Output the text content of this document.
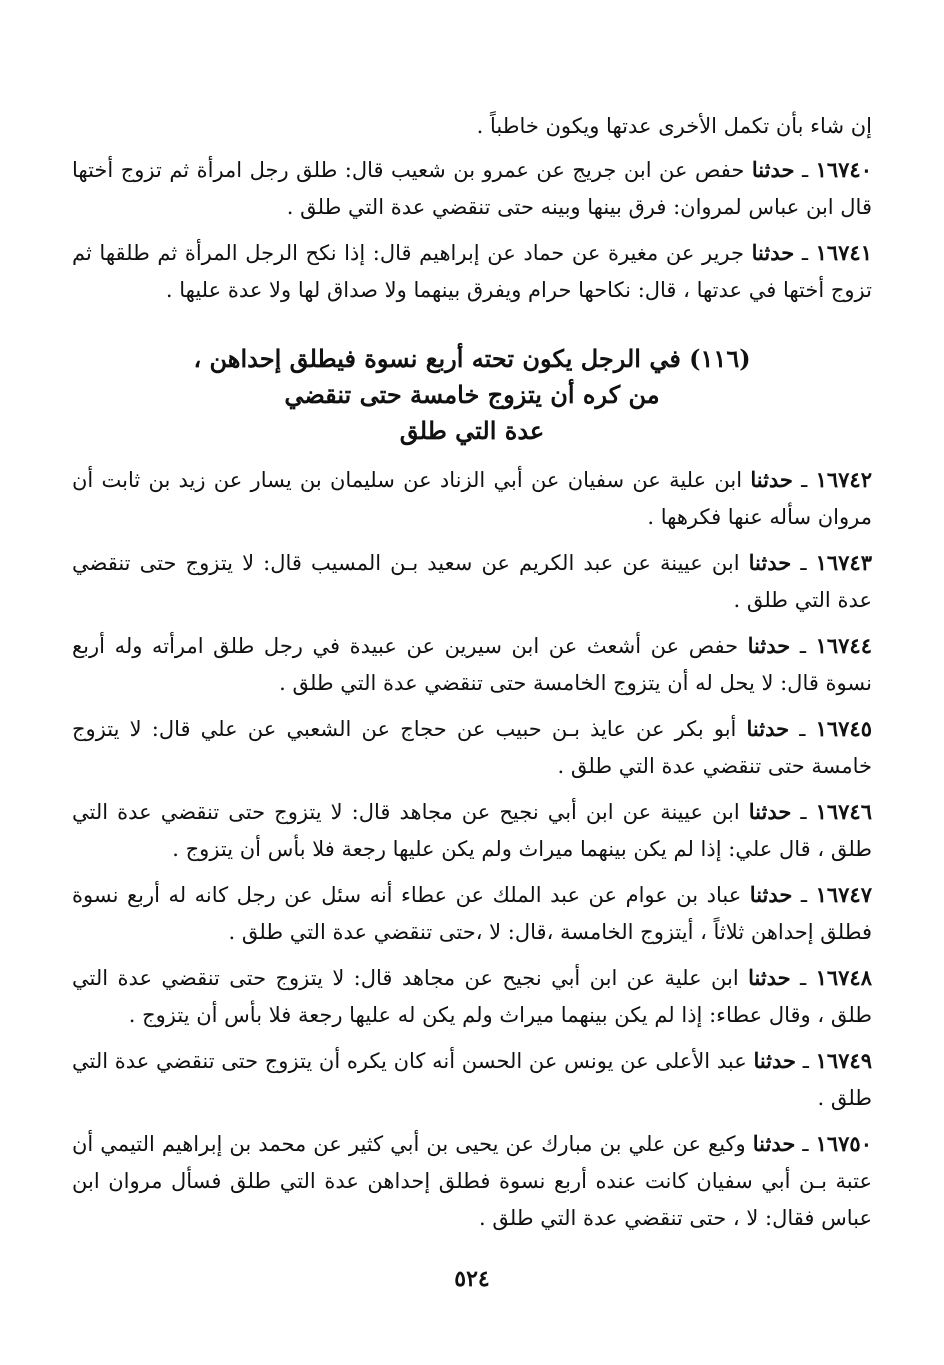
إن شاء بأن تكمل الأخرى عدتها ويكون خاطباً .

١٦٧٤٠ ـ حدثنا حفص عن ابن جريج عن عمرو بن شعيب قال: طلق رجل امرأة ثم تزوج أختها قال ابن عباس لمروان: فرق بينها وبينه حتى تنقضي عدة التي طلق .

١٦٧٤١ ـ حدثنا جرير عن مغيرة عن حماد عن إبراهيم قال: إذا نكح الرجل المرأة ثم طلقها ثم تزوج أختها في عدتها ، قال: نكاحها حرام ويفرق بينهما ولا صداق لها ولا عدة عليها .

(١١٦) في الرجل يكون تحته أربع نسوة فيطلق إحداهن ،
من كره أن يتزوج خامسة حتى تنقضي
عدة التي طلق

١٦٧٤٢ ـ حدثنا ابن علية عن سفيان عن أبي الزناد عن سليمان بن يسار عن زيد بن ثابت أن مروان سأله عنها فكرهها .

١٦٧٤٣ ـ حدثنا ابن عيينة عن عبد الكريم عن سعيد بـن المسيب قال: لا يتزوج حتى تنقضي عدة التي طلق .

١٦٧٤٤ ـ حدثنا حفص عن أشعث عن ابن سيرين عن عبيدة في رجل طلق امرأته وله أربع نسوة قال: لا يحل له أن يتزوج الخامسة حتى تنقضي عدة التي طلق .

١٦٧٤٥ ـ حدثنا أبو بكر عن عايذ بـن حبيب عن حجاج عن الشعبي عن علي قال: لا يتزوج خامسة حتى تنقضي عدة التي طلق .

١٦٧٤٦ ـ حدثنا ابن عيينة عن ابن أبي نجيح عن مجاهد قال: لا يتزوج حتى تنقضي عدة التي طلق ، قال علي: إذا لم يكن بينهما ميراث ولم يكن عليها رجعة فلا بأس أن يتزوج .

١٦٧٤٧ ـ حدثنا عباد بن عوام عن عبد الملك عن عطاء أنه سئل عن رجل كانه له أربع نسوة فطلق إحداهن ثلاثاً ، أيتزوج الخامسة ،قال: لا ،حتى تنقضي عدة التي طلق .

١٦٧٤٨ ـ حدثنا ابن علية عن ابن أبي نجيح عن مجاهد قال: لا يتزوج حتى تنقضي عدة التي طلق ، وقال عطاء: إذا لم يكن بينهما ميراث ولم يكن له عليها رجعة فلا بأس أن يتزوج .

١٦٧٤٩ ـ حدثنا عبد الأعلى عن يونس عن الحسن أنه كان يكره أن يتزوج حتى تنقضي عدة التي طلق .

١٦٧٥٠ ـ حدثنا وكيع عن علي بن مبارك عن يحيى بن أبي كثير عن محمد بن إبراهيم التيمي أن عتبة بـن أبي سفيان كانت عنده أربع نسوة فطلق إحداهن عدة التي طلق فسأل مروان ابن عباس فقال: لا ، حتى تنقضي عدة التي طلق .

٥٢٤
